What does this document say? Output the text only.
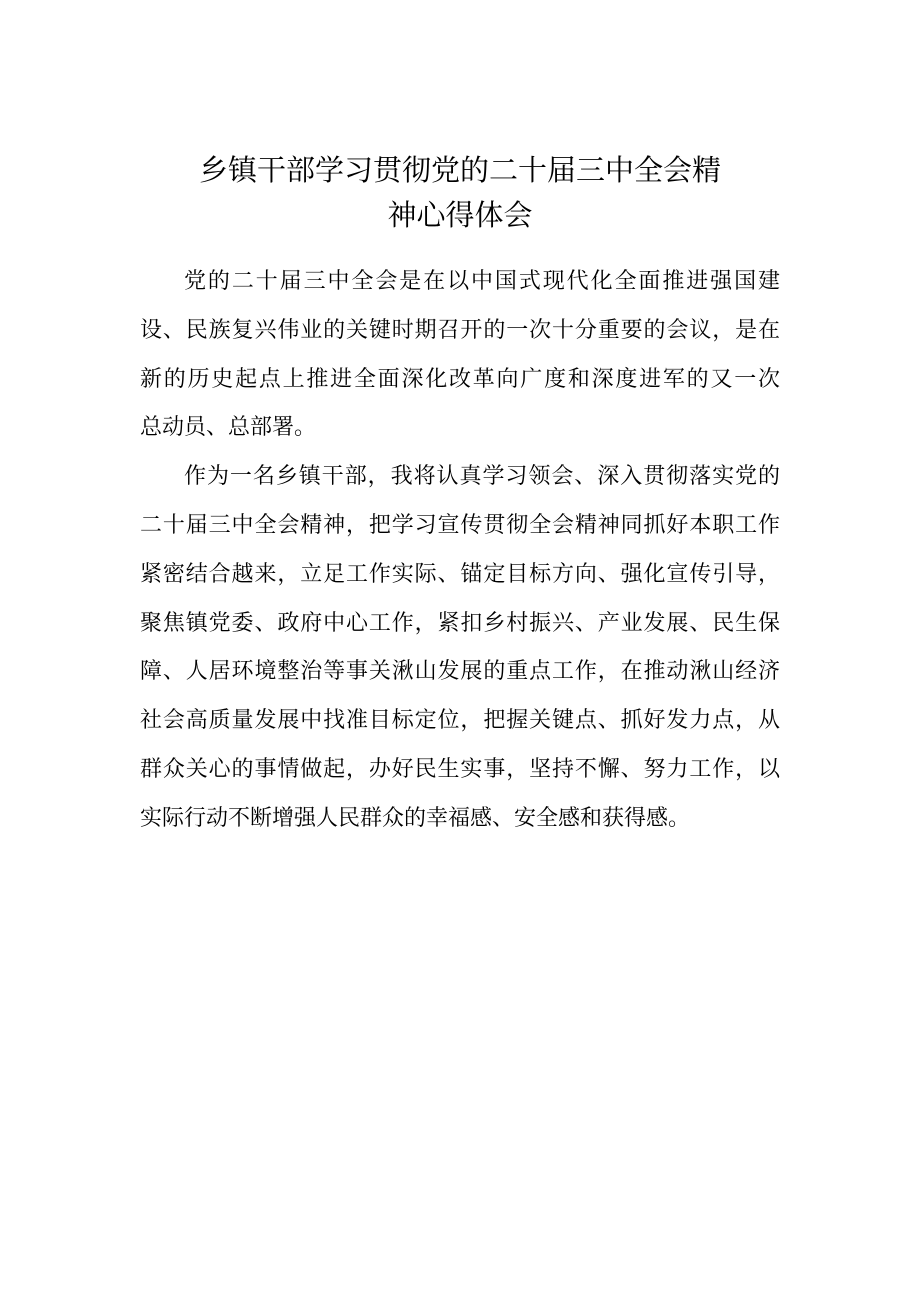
乡镇干部学习贯彻党的二十届三中全会精
神心得体会
党的二十届三中全会是在以中国式现代化全面推进强国建
设、民族复兴伟业的关键时期召开的一次十分重要的会议，是在
新的历史起点上推进全面深化改革向广度和深度进军的又一次
总动员、总部署。
作为一名乡镇干部，我将认真学习领会、深入贯彻落实党的
二十届三中全会精神，把学习宣传贯彻全会精神同抓好本职工作
紧密结合越来，立足工作实际、锚定目标方向、强化宣传引导，
聚焦镇党委、政府中心工作，紧扣乡村振兴、产业发展、民生保
障、人居环境整治等事关湫山发展的重点工作，在推动湫山经济
社会高质量发展中找准目标定位，把握关键点、抓好发力点，从
群众关心的事情做起，办好民生实事，坚持不懈、努力工作，以
实际行动不断增强人民群众的幸福感、安全感和获得感。
